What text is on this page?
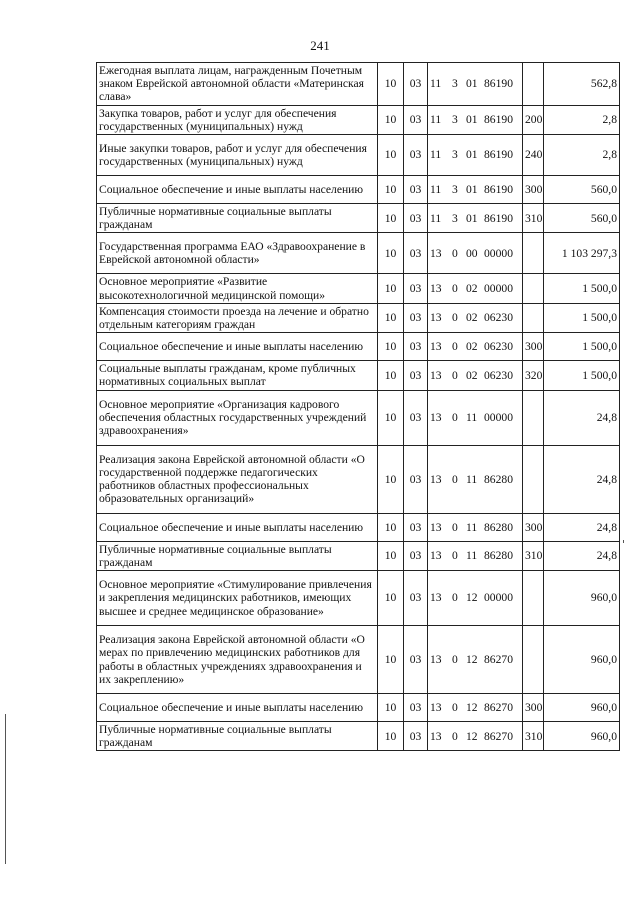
241
Ежегодная выплата лицам, награжденным Почетным знаком Еврейской автономной области «Материнская слава»	10	03	11 3 01 86190		562,8
Закупка товаров, работ и услуг для обеспечения государственных (муниципальных) нужд	10	03	11 3 01 86190	200	2,8
Иные закупки товаров, работ и услуг для обеспечения государственных (муниципальных) нужд	10	03	11 3 01 86190	240	2,8
Социальное обеспечение и иные выплаты населению	10	03	11 3 01 86190	300	560,0
Публичные нормативные социальные выплаты гражданам	10	03	11 3 01 86190	310	560,0
Государственная программа ЕАО «Здравоохранение в Еврейской автономной области»	10	03	13 0 00 00000		1 103 297,3
Основное мероприятие «Развитие высокотехнологичной медицинской помощи»	10	03	13 0 02 00000		1 500,0
Компенсация стоимости проезда на лечение и обратно отдельным категориям граждан	10	03	13 0 02 06230		1 500,0
Социальное обеспечение и иные выплаты населению	10	03	13 0 02 06230	300	1 500,0
Социальные выплаты гражданам, кроме публичных нормативных социальных выплат	10	03	13 0 02 06230	320	1 500,0
Основное мероприятие «Организация кадрового обеспечения областных государственных учреждений здравоохранения»	10	03	13 0 11 00000		24,8
Реализация закона Еврейской автономной области «О государственной поддержке педагогических работников областных профессиональных образовательных организаций»	10	03	13 0 11 86280		24,8
Социальное обеспечение и иные выплаты населению	10	03	13 0 11 86280	300	24,8
Публичные нормативные социальные выплаты гражданам	10	03	13 0 11 86280	310	24,8
Основное мероприятие «Стимулирование привлечения и закрепления медицинских работников, имеющих высшее и среднее медицинское образование»	10	03	13 0 12 00000		960,0
Реализация закона Еврейской автономной области «О мерах по привлечению медицинских работников для работы в областных учреждениях здравоохранения и их закреплению»	10	03	13 0 12 86270		960,0
Социальное обеспечение и иные выплаты населению	10	03	13 0 12 86270	300	960,0
Публичные нормативные социальные выплаты гражданам	10	03	13 0 12 86270	310	960,0
